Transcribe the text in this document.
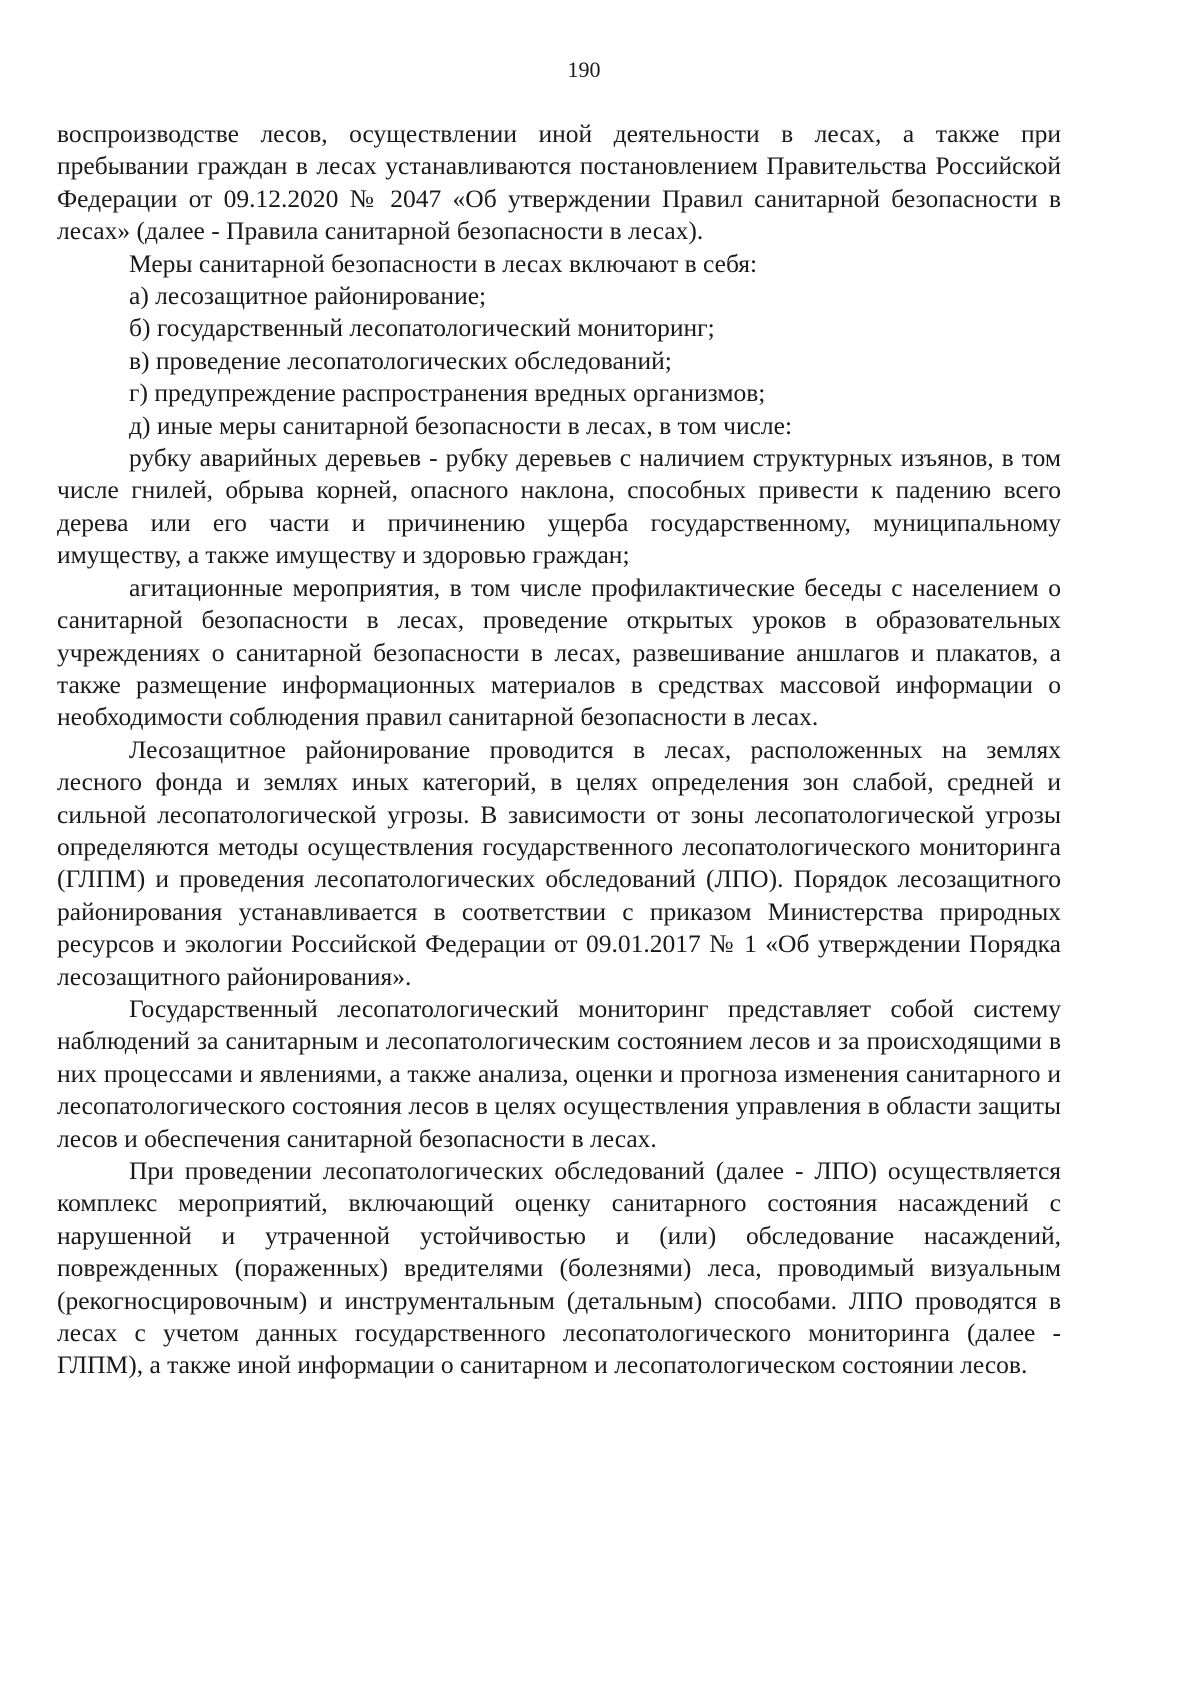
190

воспроизводстве лесов, осуществлении иной деятельности в лесах, а также при пребывании граждан в лесах устанавливаются постановлением Правительства Российской Федерации от 09.12.2020 № 2047 «Об утверждении Правил санитарной безопасности в лесах» (далее - Правила санитарной безопасности в лесах).

Меры санитарной безопасности в лесах включают в себя:

а) лесозащитное районирование;

б) государственный лесопатологический мониторинг;

в) проведение лесопатологических обследований;

г) предупреждение распространения вредных организмов;

д) иные меры санитарной безопасности в лесах, в том числе:

рубку аварийных деревьев - рубку деревьев с наличием структурных изъянов, в том числе гнилей, обрыва корней, опасного наклона, способных привести к падению всего дерева или его части и причинению ущерба государственному, муниципальному имуществу, а также имуществу и здоровью граждан;

агитационные мероприятия, в том числе профилактические беседы с населением о санитарной безопасности в лесах, проведение открытых уроков в образовательных учреждениях о санитарной безопасности в лесах, развешивание аншлагов и плакатов, а также размещение информационных материалов в средствах массовой информации о необходимости соблюдения правил санитарной безопасности в лесах.

Лесозащитное районирование проводится в лесах, расположенных на землях лесного фонда и землях иных категорий, в целях определения зон слабой, средней и сильной лесопатологической угрозы. В зависимости от зоны лесопатологической угрозы определяются методы осуществления государственного лесопатологического мониторинга (ГЛПМ) и проведения лесопатологических обследований (ЛПО). Порядок лесозащитного районирования устанавливается в соответствии с приказом Министерства природных ресурсов и экологии Российской Федерации от 09.01.2017 № 1 «Об утверждении Порядка лесозащитного районирования».

Государственный лесопатологический мониторинг представляет собой систему наблюдений за санитарным и лесопатологическим состоянием лесов и за происходящими в них процессами и явлениями, а также анализа, оценки и прогноза изменения санитарного и лесопатологического состояния лесов в целях осуществления управления в области защиты лесов и обеспечения санитарной безопасности в лесах.

При проведении лесопатологических обследований (далее - ЛПО) осуществляется комплекс мероприятий, включающий оценку санитарного состояния насаждений с нарушенной и утраченной устойчивостью и (или) обследование насаждений, поврежденных (пораженных) вредителями (болезнями) леса, проводимый визуальным (рекогносцировочным) и инструментальным (детальным) способами. ЛПО проводятся в лесах с учетом данных государственного лесопатологического мониторинга (далее - ГЛПМ), а также иной информации о санитарном и лесопатологическом состоянии лесов.
